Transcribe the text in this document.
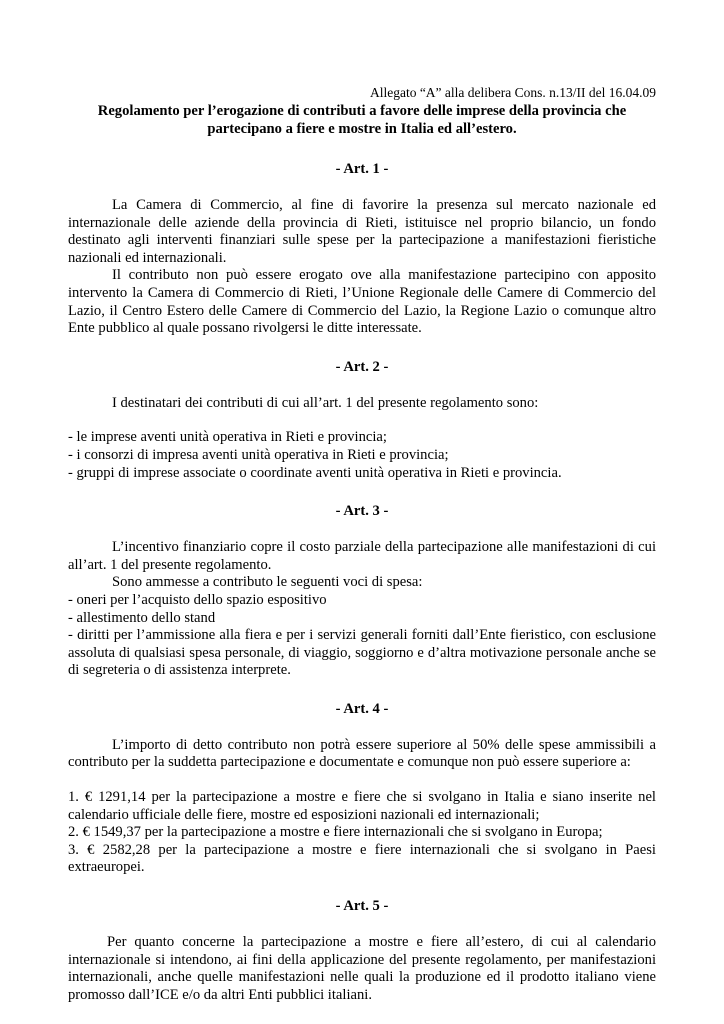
Allegato “A” alla delibera Cons. n.13/II del 16.04.09

Regolamento per l’erogazione di contributi a favore delle imprese della provincia che partecipano a fiere e mostre in Italia ed all’estero.
- Art. 1 -

La Camera di Commercio, al fine di favorire la presenza sul mercato nazionale ed internazionale delle aziende della provincia di Rieti, istituisce nel proprio bilancio, un fondo destinato agli interventi finanziari sulle spese per la partecipazione a manifestazioni fieristiche nazionali ed internazionali.

Il contributo non può essere erogato ove alla manifestazione partecipino con apposito intervento la Camera di Commercio di Rieti, l’Unione Regionale delle Camere di Commercio del Lazio, il Centro Estero delle Camere di Commercio del Lazio, la Regione Lazio o comunque altro Ente pubblico al quale possano rivolgersi le ditte interessate.

- Art. 2 -

I destinatari dei contributi di cui all’art. 1 del presente regolamento sono:

- le imprese aventi unità operativa in Rieti e provincia;
- i consorzi di impresa aventi unità operativa in Rieti e provincia;
- gruppi di imprese associate o coordinate aventi unità operativa in Rieti e provincia.
- Art. 3 -

L’incentivo finanziario copre il costo parziale della partecipazione alle manifestazioni di cui all’art. 1 del presente regolamento.

Sono ammesse a contributo le seguenti voci di spesa:

- oneri per l’acquisto dello spazio espositivo
- allestimento dello stand
- diritti per l’ammissione alla fiera e per i servizi generali forniti dall’Ente fieristico, con esclusione assoluta di qualsiasi spesa personale, di viaggio, soggiorno e d’altra motivazione personale anche se di segreteria o di assistenza interprete.
- Art. 4 -

L’importo di detto contributo non potrà essere superiore al 50% delle spese ammissibili a contributo per la suddetta partecipazione e documentate e comunque non può essere superiore a:

1. € 1291,14 per la partecipazione a mostre e fiere che si svolgano in Italia e siano inserite nel calendario ufficiale delle fiere, mostre ed esposizioni nazionali ed internazionali;
2. € 1549,37 per la partecipazione a mostre e fiere internazionali che si svolgano in Europa;
3. € 2582,28 per la partecipazione a mostre e fiere internazionali che si svolgano in Paesi extraeuropei.
- Art. 5 -

Per quanto concerne la partecipazione a mostre e fiere all’estero, di cui al calendario internazionale si intendono, ai fini della applicazione del presente regolamento, per manifestazioni internazionali, anche quelle manifestazioni nelle quali la produzione ed il prodotto italiano viene promosso dall’ICE e/o da altri Enti pubblici italiani.
